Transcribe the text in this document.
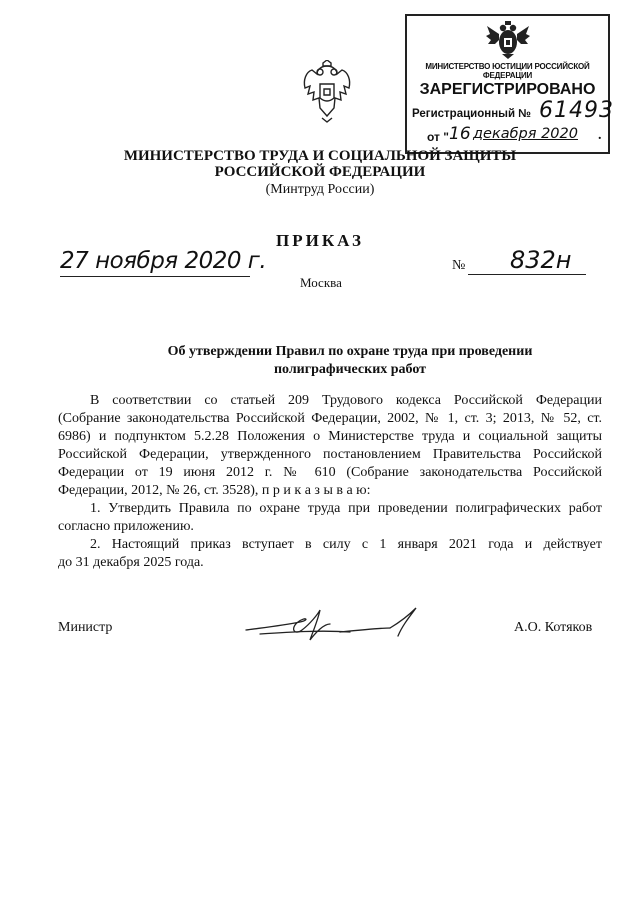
МИНИСТЕРСТВО ЮСТИЦИИ РОССИЙСКОЙ ФЕДЕРАЦИИ
ЗАРЕГИСТРИРОВАНО
Регистрационный № 61493
от " 16 декабря 2020 .
МИНИСТЕРСТВО ТРУДА И СОЦИАЛЬНОЙ ЗАЩИТЫ
РОССИЙСКОЙ ФЕДЕРАЦИИ
(Минтруд России)
ПРИКАЗ
27 ноября 2020 г.	№ 832н
Москва
Об утверждении Правил по охране труда при проведении
полиграфических работ
В соответствии со статьей 209 Трудового кодекса Российской Федерации
(Собрание законодательства Российской Федерации, 2002, № 1, ст. 3; 2013, № 52, ст.
6986) и подпунктом 5.2.28 Положения о Министерстве труда и социальной защиты
Российской Федерации, утвержденного постановлением Правительства Российской
Федерации от 19 июня 2012 г. № 610 (Собрание законодательства Российской
Федерации, 2012, № 26, ст. 3528), п р и к а з ы в а ю:
1. Утвердить Правила по охране труда при проведении полиграфических работ
согласно приложению.
2. Настоящий приказ вступает в силу с 1 января 2021 года и действует
до 31 декабря 2025 года.
Министр	А.О. Котяков
